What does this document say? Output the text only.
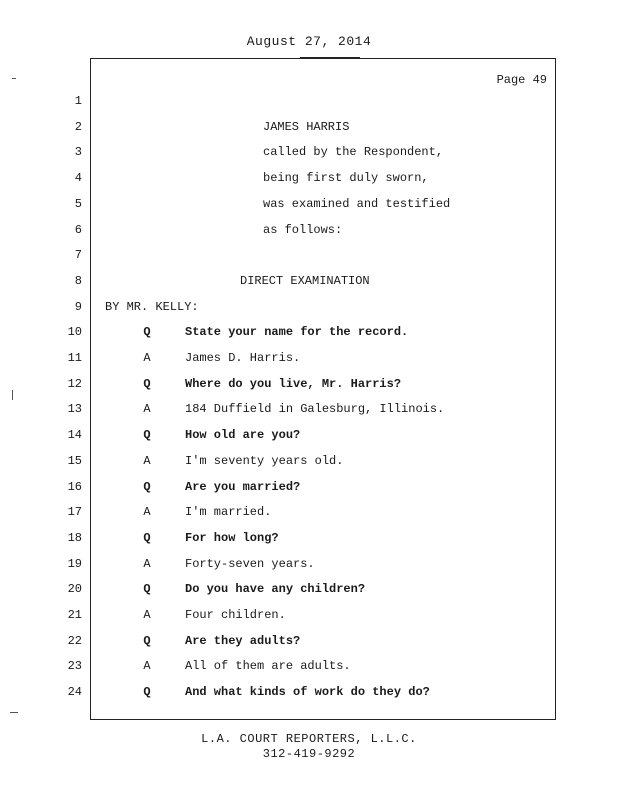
August 27, 2014
Page 49
1
2	JAMES HARRIS
3	called by the Respondent,
4	being first duly sworn,
5	was examined and testified
6	as follows:
7
8	DIRECT EXAMINATION
9 BY MR. KELLY:
10	Q	State your name for the record.
11	A	James D. Harris.
12	Q	Where do you live, Mr. Harris?
13	A	184 Duffield in Galesburg, Illinois.
14	Q	How old are you?
15	A	I'm seventy years old.
16	Q	Are you married?
17	A	I'm married.
18	Q	For how long?
19	A	Forty-seven years.
20	Q	Do you have any children?
21	A	Four children.
22	Q	Are they adults?
23	A	All of them are adults.
24	Q	And what kinds of work do they do?
L.A. COURT REPORTERS, L.L.C.
312-419-9292
